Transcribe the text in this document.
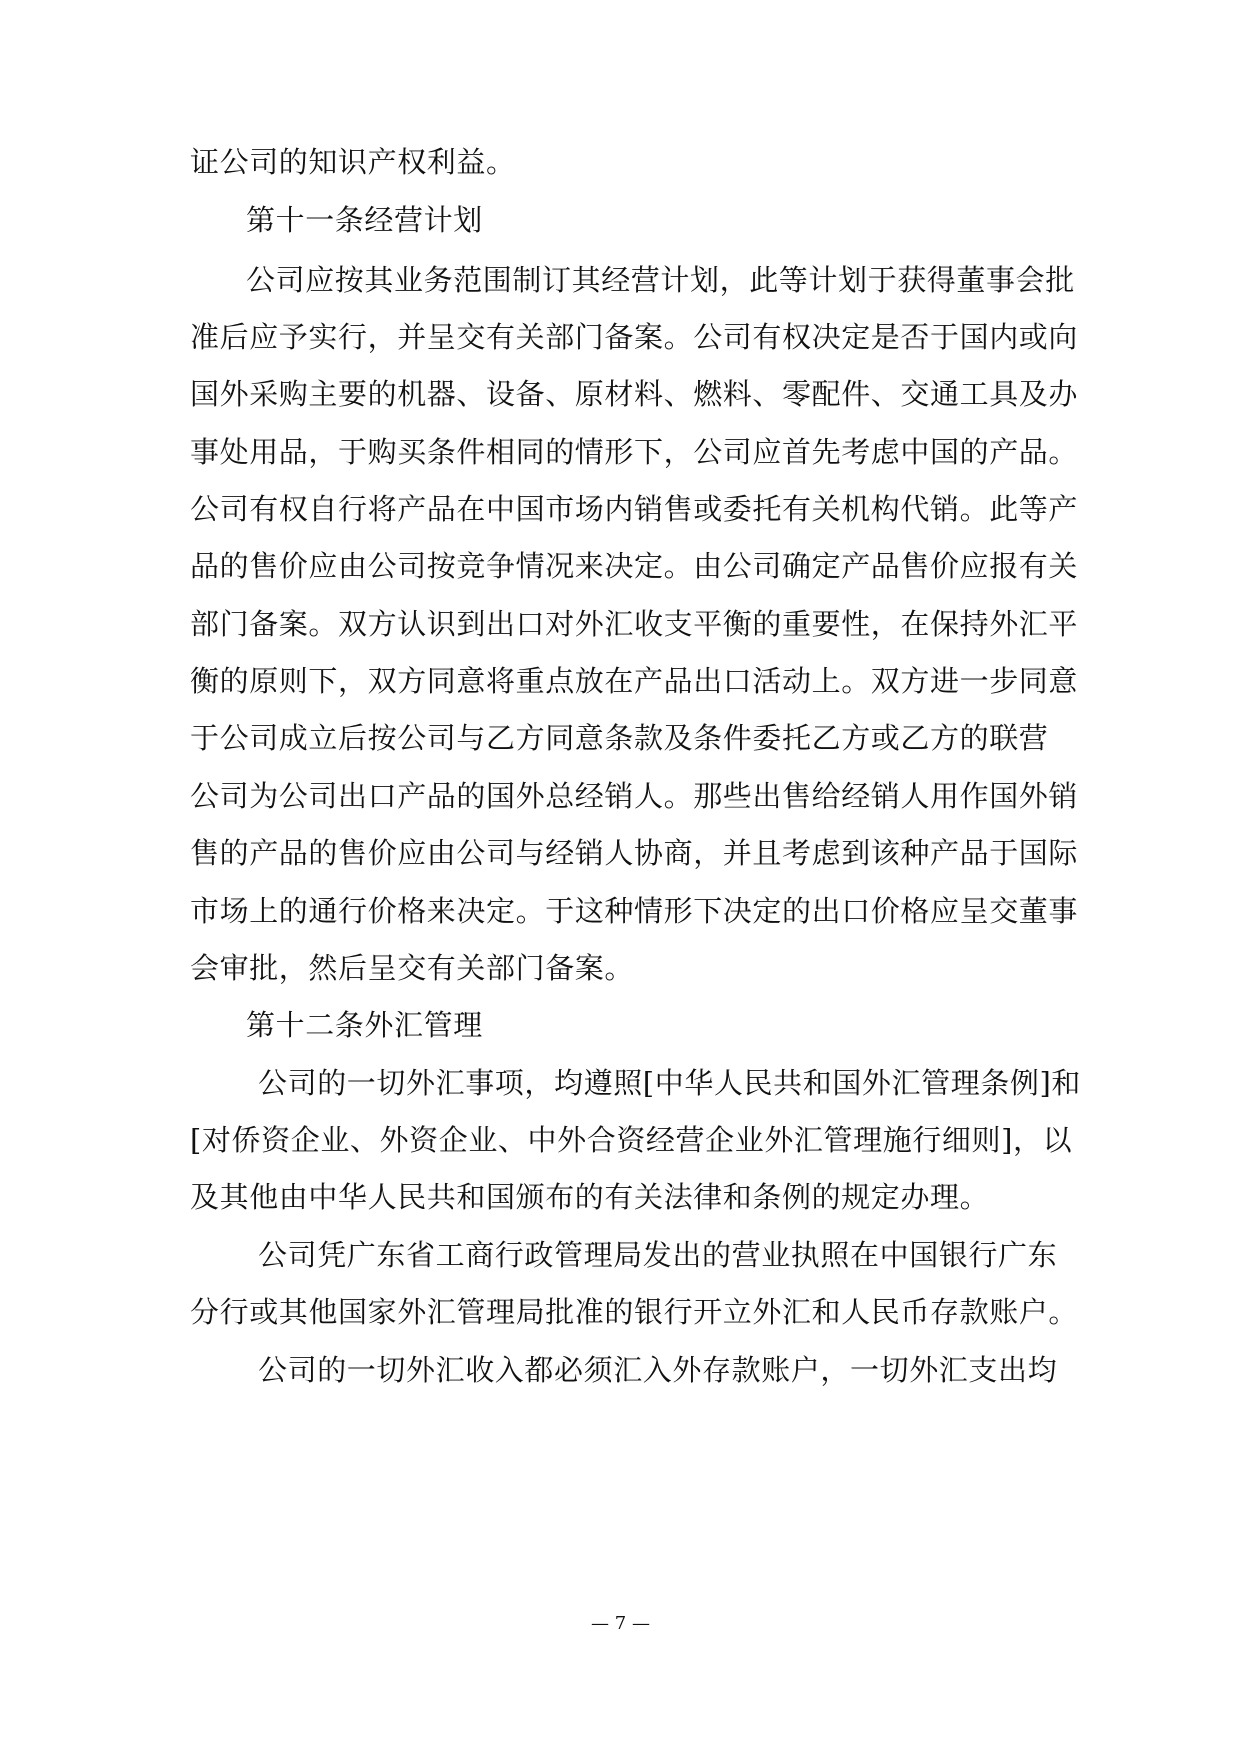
证公司的知识产权利益。
第十一条经营计划
公司应按其业务范围制订其经营计划，此等计划于获得董事会批
准后应予实行，并呈交有关部门备案。公司有权决定是否于国内或向
国外采购主要的机器、设备、原材料、燃料、零配件、交通工具及办
事处用品，于购买条件相同的情形下，公司应首先考虑中国的产品。
公司有权自行将产品在中国市场内销售或委托有关机构代销。此等产
品的售价应由公司按竞争情况来决定。由公司确定产品售价应报有关
部门备案。双方认识到出口对外汇收支平衡的重要性，在保持外汇平
衡的原则下，双方同意将重点放在产品出口活动上。双方进一步同意
于公司成立后按公司与乙方同意条款及条件委托乙方或乙方的联营
公司为公司出口产品的国外总经销人。那些出售给经销人用作国外销
售的产品的售价应由公司与经销人协商，并且考虑到该种产品于国际
市场上的通行价格来决定。于这种情形下决定的出口价格应呈交董事
会审批，然后呈交有关部门备案。
第十二条外汇管理
公司的一切外汇事项，均遵照[中华人民共和国外汇管理条例]和
[对侨资企业、外资企业、中外合资经营企业外汇管理施行细则]，以
及其他由中华人民共和国颁布的有关法律和条例的规定办理。
公司凭广东省工商行政管理局发出的营业执照在中国银行广东
分行或其他国家外汇管理局批准的银行开立外汇和人民币存款账户。
公司的一切外汇收入都必须汇入外存款账户，一切外汇支出均
— 7 —
